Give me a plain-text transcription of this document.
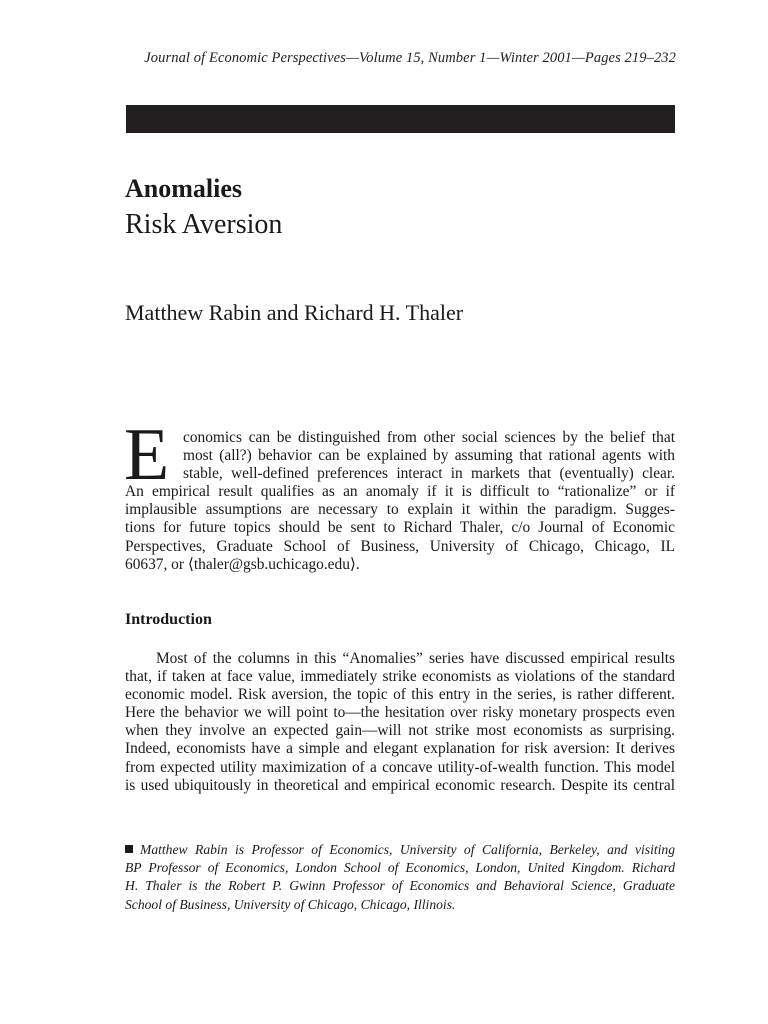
Journal of Economic Perspectives—Volume 15, Number 1—Winter 2001—Pages 219–232
Anomalies
Risk Aversion
Matthew Rabin and Richard H. Thaler
E conomics can be distinguished from other social sciences by the belief that
most (all?) behavior can be explained by assuming that rational agents with
stable, well-defined preferences interact in markets that (eventually) clear.
An empirical result qualifies as an anomaly if it is difficult to “rationalize” or if
implausible assumptions are necessary to explain it within the paradigm. Sugges-
tions for future topics should be sent to Richard Thaler, c/o Journal of Economic
Perspectives, Graduate School of Business, University of Chicago, Chicago, IL
60637, or ⟨thaler@gsb.uchicago.edu⟩.
Introduction
Most of the columns in this “Anomalies” series have discussed empirical results
that, if taken at face value, immediately strike economists as violations of the standard
economic model. Risk aversion, the topic of this entry in the series, is rather different.
Here the behavior we will point to—the hesitation over risky monetary prospects even
when they involve an expected gain—will not strike most economists as surprising.
Indeed, economists have a simple and elegant explanation for risk aversion: It derives
from expected utility maximization of a concave utility-of-wealth function. This model
is used ubiquitously in theoretical and empirical economic research. Despite its central
Matthew Rabin is Professor of Economics, University of California, Berkeley, and visiting
BP Professor of Economics, London School of Economics, London, United Kingdom. Richard
H. Thaler is the Robert P. Gwinn Professor of Economics and Behavioral Science, Graduate
School of Business, University of Chicago, Chicago, Illinois.
